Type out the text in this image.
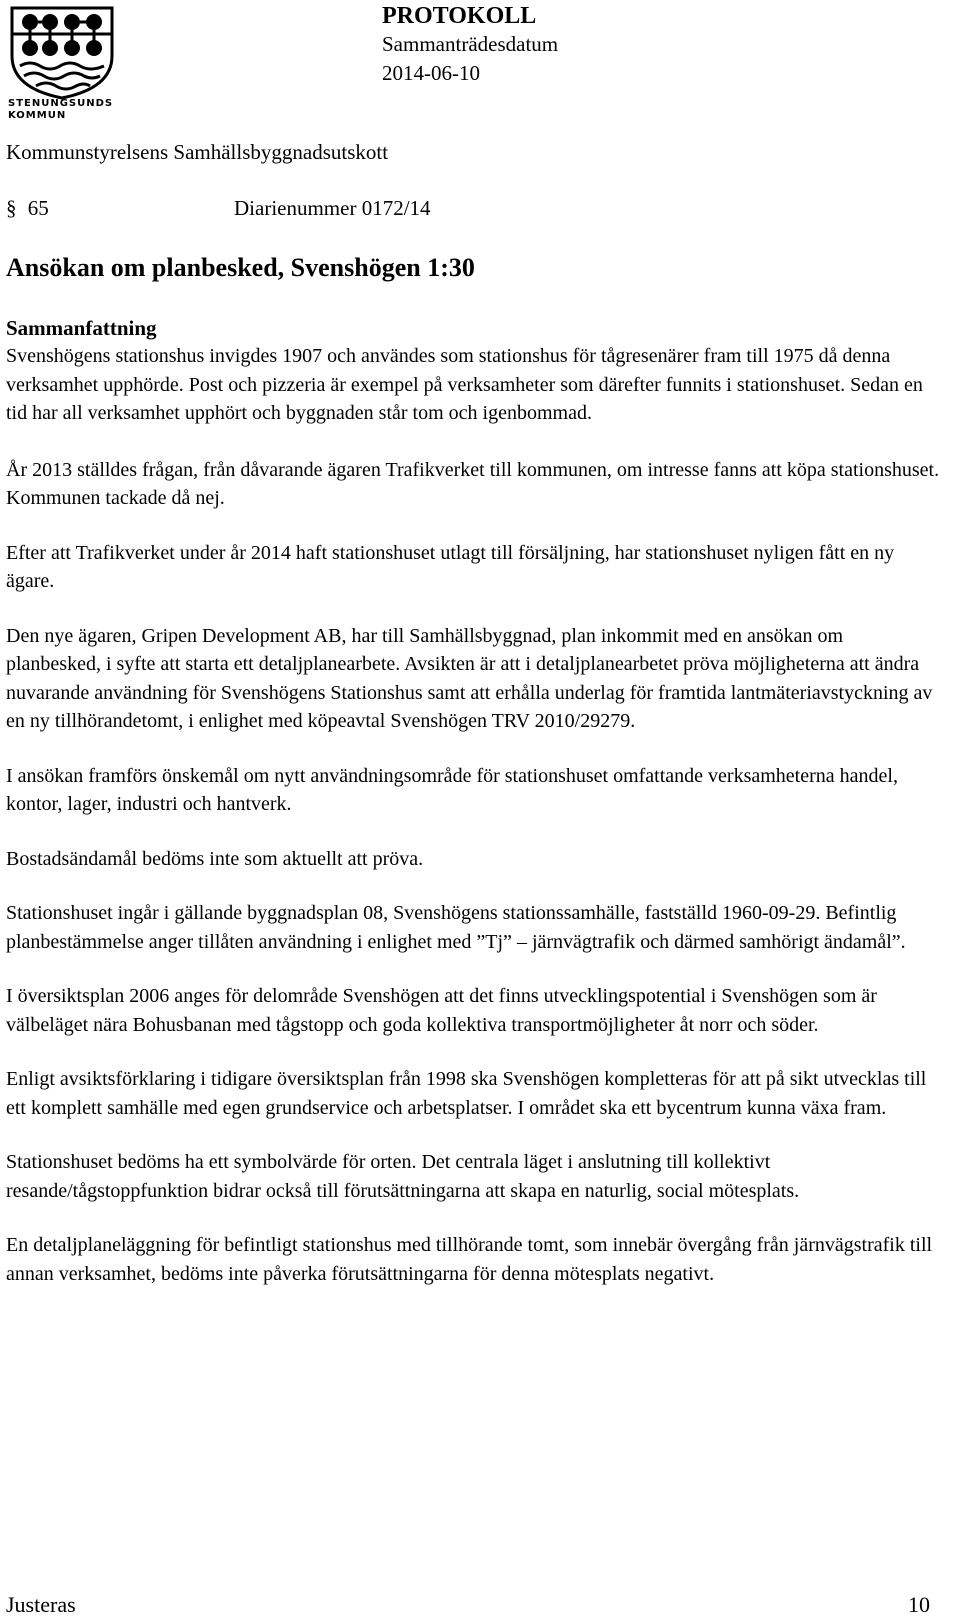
STENUNGSUNDS KOMMUN
PROTOKOLL
Sammanträdesdatum
2014-06-10
Kommunstyrelsens Samhällsbyggnadsutskott
§ 65	Diarienummer 0172/14
Ansökan om planbesked, Svenshögen 1:30
Sammanfattning

Svenshögens stationshus invigdes 1907 och användes som stationshus för tågresenärer fram till 1975 då denna verksamhet upphörde. Post och pizzeria är exempel på verksamheter som därefter funnits i stationshuset. Sedan en tid har all verksamhet upphört och byggnaden står tom och igenbommad.

År 2013 ställdes frågan, från dåvarande ägaren Trafikverket till kommunen, om intresse fanns att köpa stationshuset. Kommunen tackade då nej.

Efter att Trafikverket under år 2014 haft stationshuset utlagt till försäljning, har stationshuset nyligen fått en ny ägare.

Den nye ägaren, Gripen Development AB, har till Samhällsbyggnad, plan inkommit med en ansökan om planbesked, i syfte att starta ett detaljplanearbete. Avsikten är att i detaljplanearbetet pröva möjligheterna att ändra nuvarande användning för Svenshögens Stationshus samt att erhålla underlag för framtida lantmäteriavstyckning av en ny tillhörandetomt, i enlighet med köpeavtal Svenshögen TRV 2010/29279.

I ansökan framförs önskemål om nytt användningsområde för stationshuset omfattande verksamheterna handel, kontor, lager, industri och hantverk.

Bostadsändamål bedöms inte som aktuellt att pröva.

Stationshuset ingår i gällande byggnadsplan 08, Svenshögens stationssamhälle, fastställd 1960-09-29. Befintlig planbestämmelse anger tillåten användning i enlighet med ”Tj” – järnvägtrafik och därmed samhörigt ändamål”.

I översiktsplan 2006 anges för delområde Svenshögen att det finns utvecklingspotential i Svenshögen som är välbeläget nära Bohusbanan med tågstopp och goda kollektiva transportmöjligheter åt norr och söder.

Enligt avsiktsförklaring i tidigare översiktsplan från 1998 ska Svenshögen kompletteras för att på sikt utvecklas till ett komplett samhälle med egen grundservice och arbetsplatser. I området ska ett bycentrum kunna växa fram.

Stationshuset bedöms ha ett symbolvärde för orten. Det centrala läget i anslutning till kollektivt resande/tågstoppfunktion bidrar också till förutsättningarna att skapa en naturlig, social mötesplats.

En detaljplaneläggning för befintligt stationshus med tillhörande tomt, som innebär övergång från järnvägstrafik till annan verksamhet, bedöms inte påverka förutsättningarna för denna mötesplats negativt.

Justeras	10
